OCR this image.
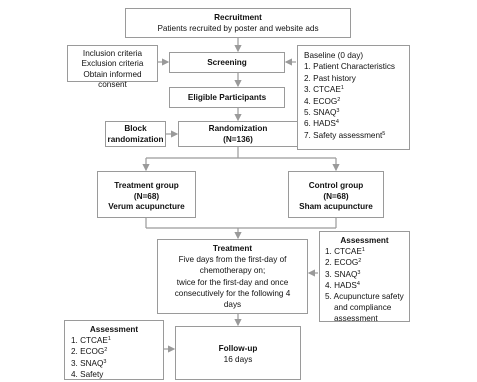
Recruitment
Patients recruited by poster and website ads
Inclusion criteria
Exclusion criteria
Obtain informed consent
Screening
Baseline (0 day)
1. Patient Characteristics
2. Past history
3. CTCAE$^1$
4. ECOG$^2$
5. SNAQ$^3$
6. HADS$^4$
7. Safety assessment$^5$
Eligible Participants
Block
randomization
Randomization
(N=136)
Treatment group
(N=68)
Verum acupuncture
Control group
(N=68)
Sham acupuncture
Treatment
Five days from the first-day of
chemotherapy on;
twice for the first-day and once
consecutively for the following 4
days
Assessment
1. CTCAE$^1$
2. ECOG$^2$
3. SNAQ$^3$
4. HADS$^4$
5. Acupuncture safety
and compliance
assessment
Assessment
1. CTCAE$^1$
2. ECOG$^2$
3. SNAQ$^3$
4. Safety
Follow-up
16 days
